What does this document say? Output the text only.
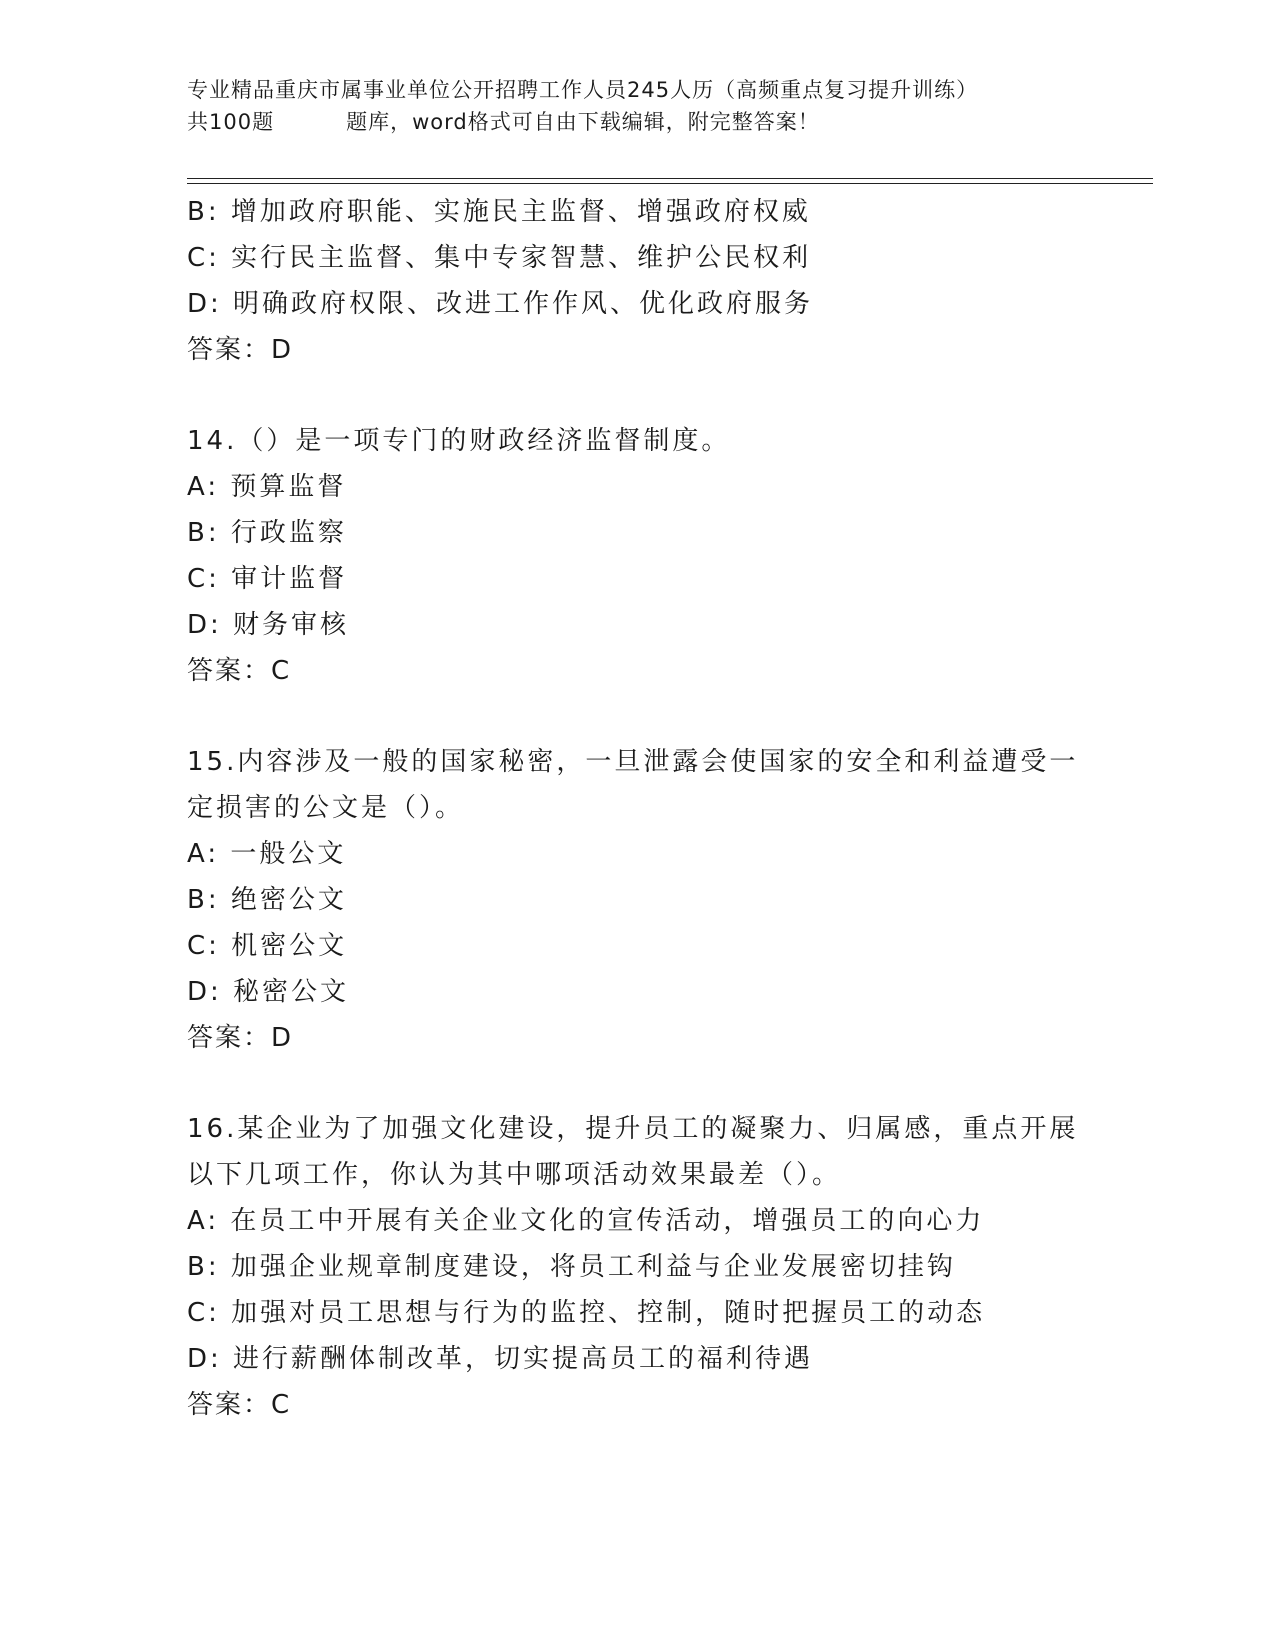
专业精品重庆市属事业单位公开招聘工作人员245人历（高频重点复习提升训练）
共100题	题库，word格式可自由下载编辑，附完整答案！
B: 增加政府职能、实施民主监督、增强政府权威
C: 实行民主监督、集中专家智慧、维护公民权利
D: 明确政府权限、改进工作作风、优化政府服务
答案：D
14.（）是一项专门的财政经济监督制度。
A: 预算监督
B: 行政监察
C: 审计监督
D: 财务审核
答案：C
15.内容涉及一般的国家秘密，一旦泄露会使国家的安全和利益遭受一
定损害的公文是（）。
A: 一般公文
B: 绝密公文
C: 机密公文
D: 秘密公文
答案：D
16.某企业为了加强文化建设，提升员工的凝聚力、归属感，重点开展
以下几项工作，你认为其中哪项活动效果最差（）。
A: 在员工中开展有关企业文化的宣传活动，增强员工的向心力
B: 加强企业规章制度建设，将员工利益与企业发展密切挂钩
C: 加强对员工思想与行为的监控、控制，随时把握员工的动态
D: 进行薪酬体制改革，切实提高员工的福利待遇
答案：C
